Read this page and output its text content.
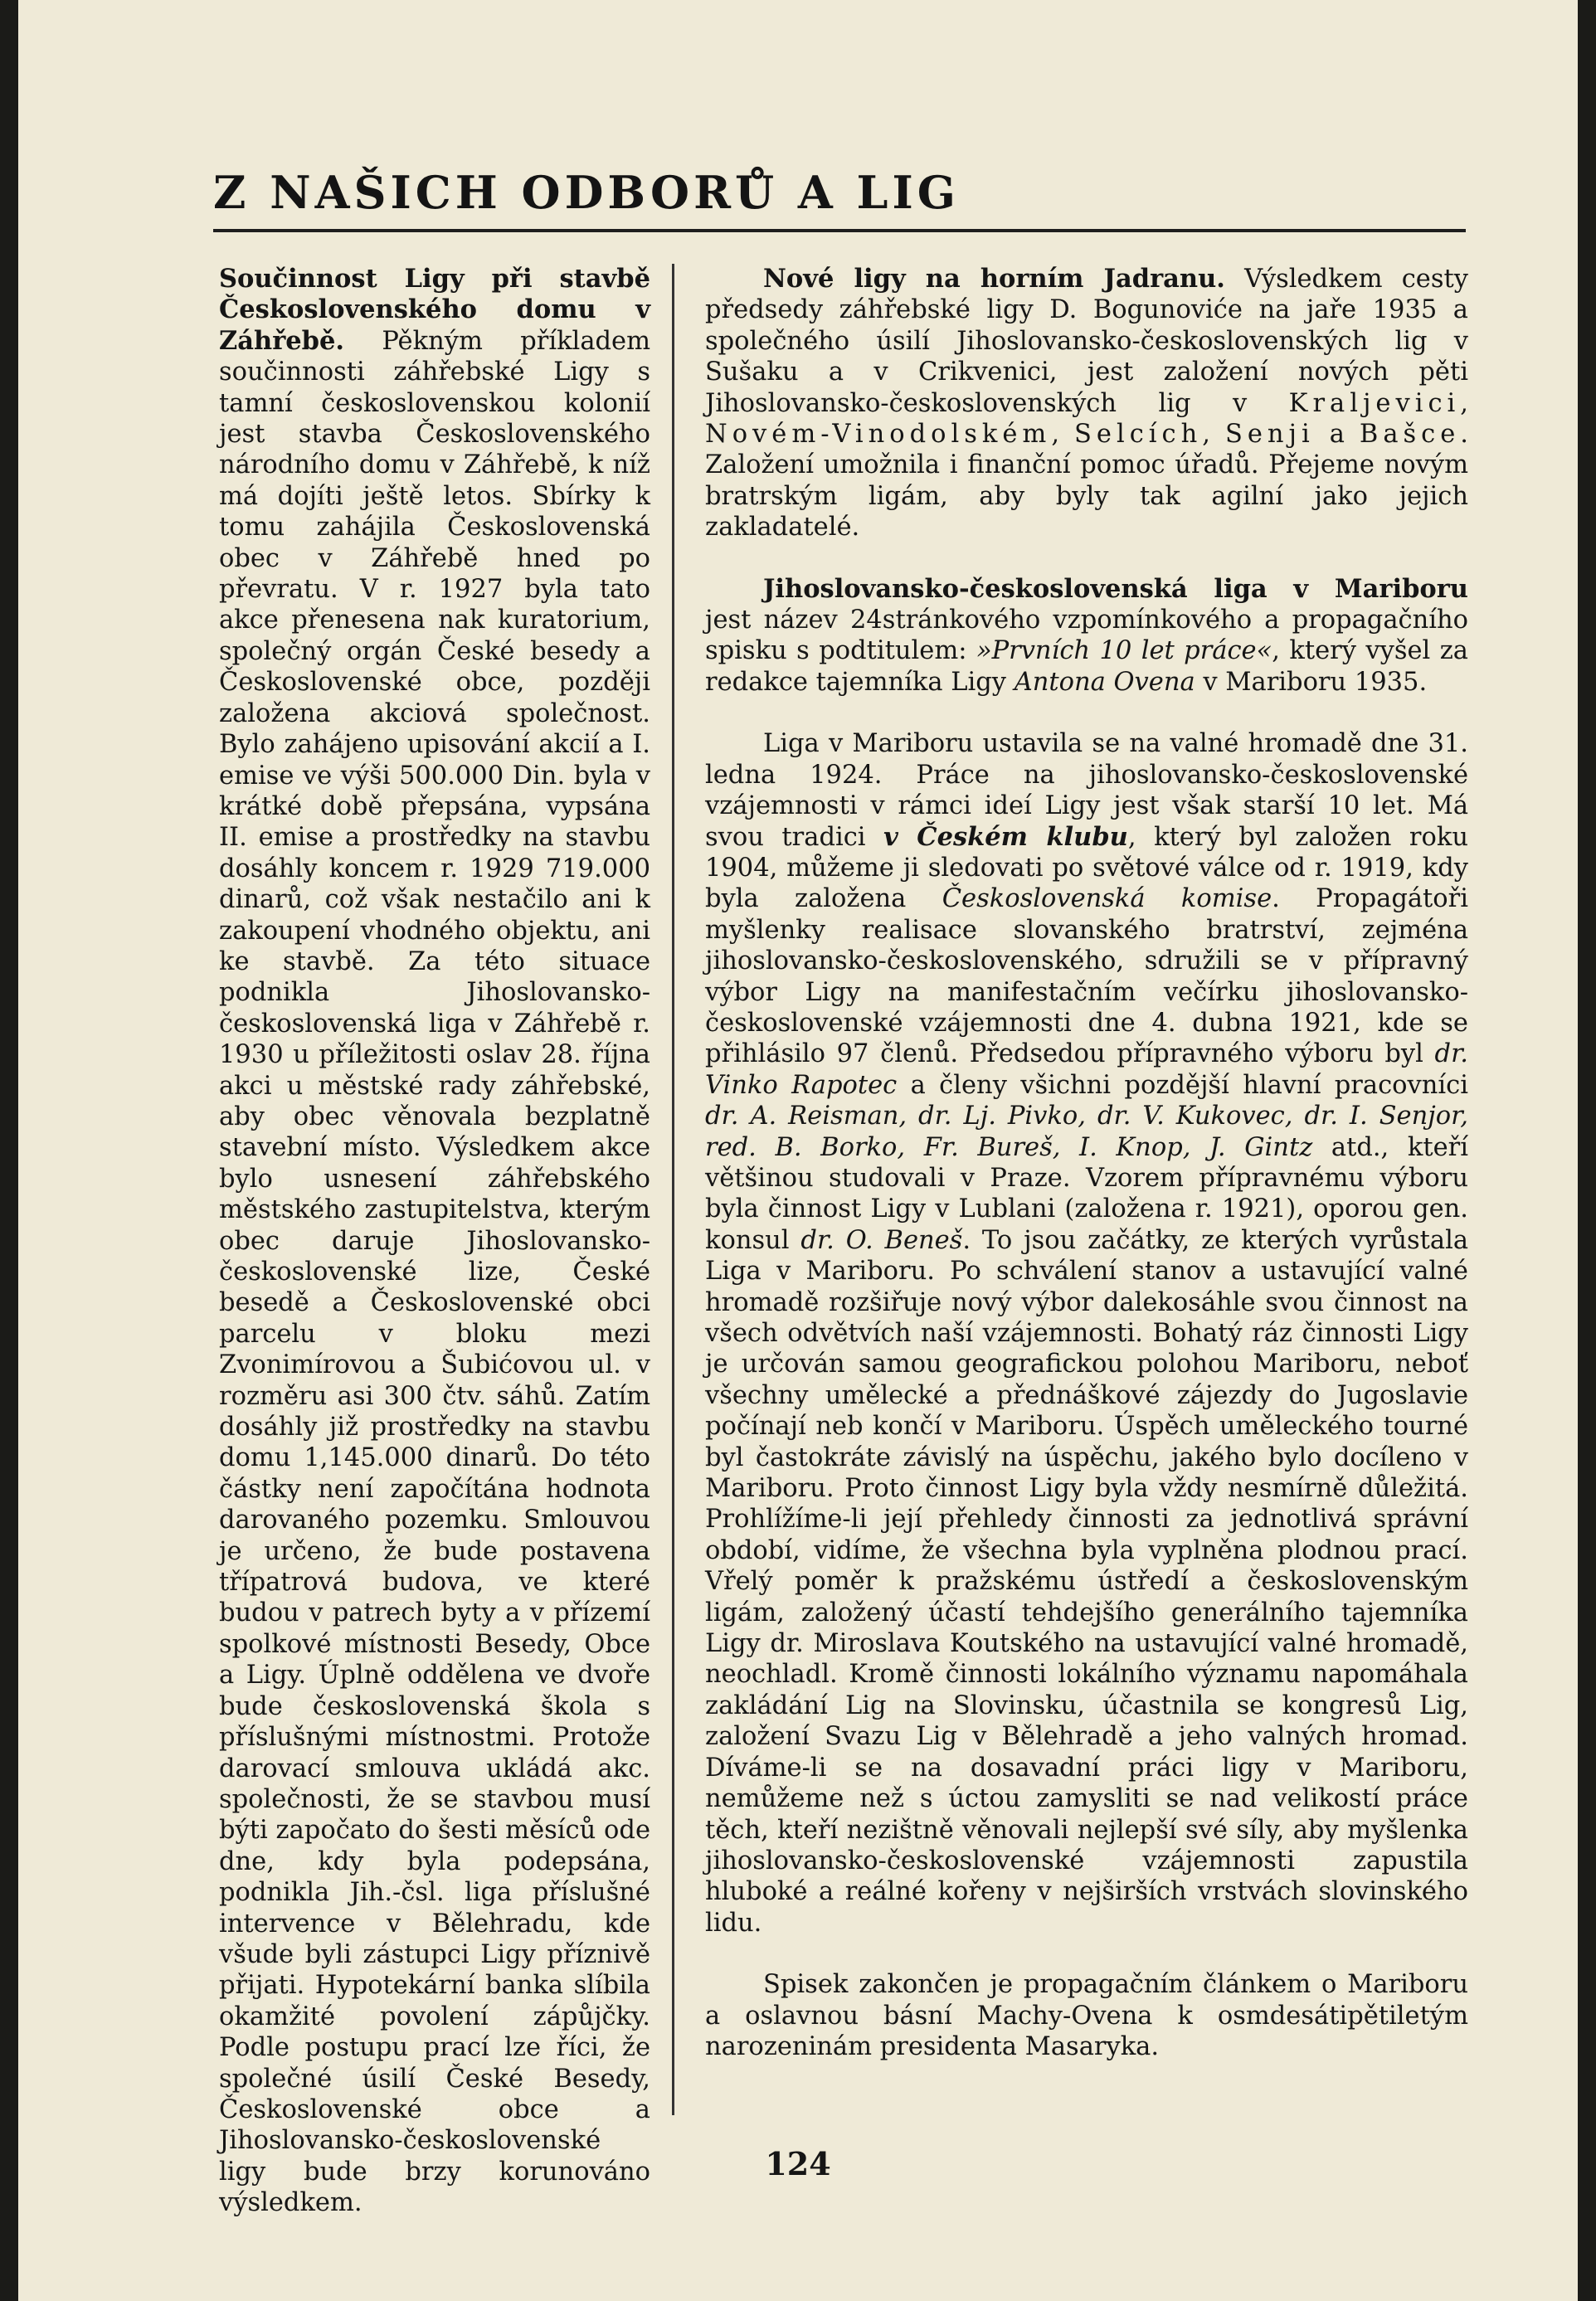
Z NAŠICH ODBORŮ A LIG

Součinnost Ligy při stavbě Československého domu v Záhřebě. Pěkným příkladem součinnosti záhřebské Ligy s tamní československou kolonií jest stavba Československého národního domu v Záhřebě, k níž má dojíti ještě letos. Sbírky k tomu zahájila Československá obec v Záhřebě hned po převratu. V r. 1927 byla tato akce přenesena nak kuratorium, společný orgán České besedy a Československé obce, později založena akciová společnost. Bylo zahájeno upisování akcií a I. emise ve výši 500.000 Din. byla v krátké době přepsána, vypsána II. emise a prostředky na stavbu dosáhly koncem r. 1929 719.000 dinarů, což však nestačilo ani k zakoupení vhodného objektu, ani ke stavbě. Za této situace podnikla Jihoslovansko-československá liga v Záhřebě r. 1930 u příležitosti oslav 28. října akci u městské rady záhřebské, aby obec věnovala bezplatně stavební místo. Výsledkem akce bylo usnesení záhřebského městského zastupitelstva, kterým obec daruje Jihoslovansko-československé lize, České besedě a Československé obci parcelu v bloku mezi Zvonimírovou a Šubićovou ul. v rozměru asi 300 čtv. sáhů. Zatím dosáhly již prostředky na stavbu domu 1,145.000 dinarů. Do této částky není započítána hodnota darovaného pozemku. Smlouvou je určeno, že bude postavena třípatrová budova, ve které budou v patrech byty a v přízemí spolkové místnosti Besedy, Obce a Ligy. Úplně oddělena ve dvoře bude československá škola s příslušnými místnostmi. Protože darovací smlouva ukládá akc. společnosti, že se stavbou musí býti započato do šesti měsíců ode dne, kdy byla podepsána, podnikla Jih.-čsl. liga příslušné intervence v Bělehradu, kde všude byli zástupci Ligy příznivě přijati. Hypotekární banka slíbila okamžité povolení zápůjčky. Podle postupu prací lze říci, že společné úsilí České Besedy, Československé obce a Jihoslovansko-československé ligy bude brzy korunováno výsledkem.

Nové ligy na horním Jadranu. Výsledkem cesty předsedy záhřebské ligy D. Bogunoviće na jaře 1935 a společného úsilí Jihoslovansko-československých lig v Sušaku a v Crikvenici, jest založení nových pěti Jihoslovansko-československých lig v Kraljevici, Novém-Vinodolském, Selcích, Senji a Bašce. Založení umožnila i finanční pomoc úřadů. Přejeme novým bratrským ligám, aby byly tak agilní jako jejich zakladatelé.

Jihoslovansko-československá liga v Mariboru jest název 24stránkového vzpomínkového a propagačního spisku s podtitulem: »Prvních 10 let práce«, který vyšel za redakce tajemníka Ligy Antona Ovena v Mariboru 1935.

Liga v Mariboru ustavila se na valné hromadě dne 31. ledna 1924. Práce na jihoslovansko-československé vzájemnosti v rámci ideí Ligy jest však starší 10 let. Má svou tradici v Českém klubu, který byl založen roku 1904, můžeme ji sledovati po světové válce od r. 1919, kdy byla založena Československá komise. Propagátoři myšlenky realisace slovanského bratrství, zejména jihoslovansko-československého, sdružili se v přípravný výbor Ligy na manifestačním večírku jihoslovansko-československé vzájemnosti dne 4. dubna 1921, kde se přihlásilo 97 členů. Předsedou přípravného výboru byl dr. Vinko Rapotec a členy všichni pozdější hlavní pracovníci dr. A. Reisman, dr. Lj. Pivko, dr. V. Kukovec, dr. I. Senjor, red. B. Borko, Fr. Bureš, I. Knop, J. Gintz atd., kteří většinou studovali v Praze. Vzorem přípravnému výboru byla činnost Ligy v Lublani (založena r. 1921), oporou gen. konsul dr. O. Beneš. To jsou začátky, ze kterých vyrůstala Liga v Mariboru. Po schválení stanov a ustavující valné hromadě rozšiřuje nový výbor dalekosáhle svou činnost na všech odvětvích naší vzájemnosti. Bohatý ráz činnosti Ligy je určován samou geografickou polohou Mariboru, neboť všechny umělecké a přednáškové zájezdy do Jugoslavie počínají neb končí v Mariboru. Úspěch uměleckého tourné byl častokráte závislý na úspěchu, jakého bylo docíleno v Mariboru. Proto činnost Ligy byla vždy nesmírně důležitá. Prohlížíme-li její přehledy činnosti za jednotlivá správní období, vidíme, že všechna byla vyplněna plodnou prací. Vřelý poměr k pražskému ústředí a československým ligám, založený účastí tehdejšího generálního tajemníka Ligy dr. Miroslava Koutského na ustavující valné hromadě, neochladl. Kromě činnosti lokálního významu napomáhala zakládání Lig na Slovinsku, účastnila se kongresů Lig, založení Svazu Lig v Bělehradě a jeho valných hromad. Díváme-li se na dosavadní práci ligy v Mariboru, nemůžeme než s úctou zamysliti se nad velikostí práce těch, kteří nezištně věnovali nejlepší své síly, aby myšlenka jihoslovansko-československé vzájemnosti zapustila hluboké a reálné kořeny v nejširších vrstvách slovinského lidu.

Spisek zakončen je propagačním článkem o Mariboru a oslavnou básní Machy-Ovena k osmdesátipětiletým narozeninám presidenta Masaryka.

124
